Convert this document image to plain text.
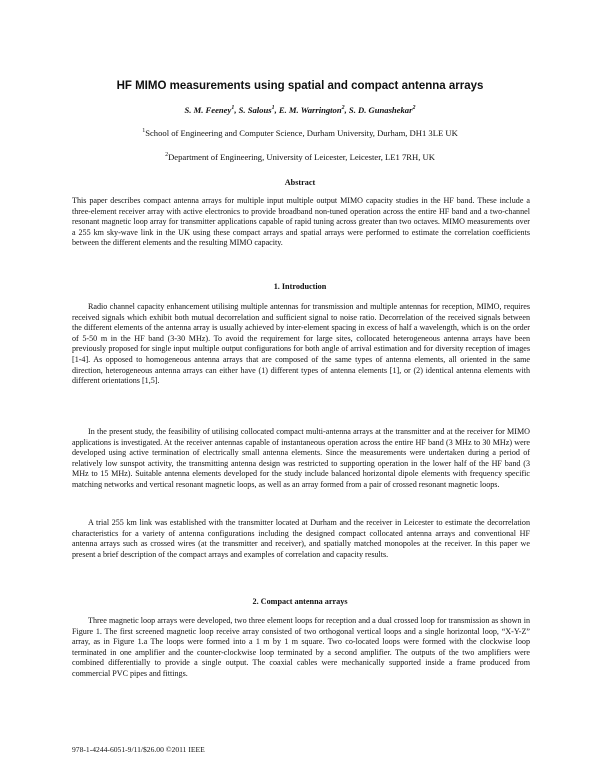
HF MIMO measurements using spatial and compact antenna arrays
S. M. Feeney$^1$, S. Salous$^1$, E. M. Warrington$^2$, S. D. Gunashekar$^2$
$^1$School of Engineering and Computer Science, Durham University, Durham, DH1 3LE UK
$^2$Department of Engineering, University of Leicester, Leicester, LE1 7RH, UK
Abstract

This paper describes compact antenna arrays for multiple input multiple output MIMO capacity studies in the HF band. These include a three-element receiver array with active electronics to provide broadband non-tuned operation across the entire HF band and a two-channel resonant magnetic loop array for transmitter applications capable of rapid tuning across greater than two octaves. MIMO measurements over a 255 km sky-wave link in the UK using these compact arrays and spatial arrays were performed to estimate the correlation coefficients between the different elements and the resulting MIMO capacity.

1. Introduction

Radio channel capacity enhancement utilising multiple antennas for transmission and multiple antennas for reception, MIMO, requires received signals which exhibit both mutual decorrelation and sufficient signal to noise ratio. Decorrelation of the received signals between the different elements of the antenna array is usually achieved by inter-element spacing in excess of half a wavelength, which is on the order of 5-50 m in the HF band (3-30 MHz). To avoid the requirement for large sites, collocated heterogeneous antenna arrays have been previously proposed for single input multiple output configurations for both angle of arrival estimation and for diversity reception of images [1-4]. As opposed to homogeneous antenna arrays that are composed of the same types of antenna elements, all oriented in the same direction, heterogeneous antenna arrays can either have (1) different types of antenna elements [1], or (2) identical antenna elements with different orientations [1,5].

In the present study, the feasibility of utilising collocated compact multi-antenna arrays at the transmitter and at the receiver for MIMO applications is investigated. At the receiver antennas capable of instantaneous operation across the entire HF band (3 MHz to 30 MHz) were developed using active termination of electrically small antenna elements. Since the measurements were undertaken during a period of relatively low sunspot activity, the transmitting antenna design was restricted to supporting operation in the lower half of the HF band (3 MHz to 15 MHz). Suitable antenna elements developed for the study include balanced horizontal dipole elements with frequency specific matching networks and vertical resonant magnetic loops, as well as an array formed from a pair of crossed resonant magnetic loops.

A trial 255 km link was established with the transmitter located at Durham and the receiver in Leicester to estimate the decorrelation characteristics for a variety of antenna configurations including the designed compact collocated antenna arrays and conventional HF antenna arrays such as crossed wires (at the transmitter and receiver), and spatially matched monopoles at the receiver. In this paper we present a brief description of the compact arrays and examples of correlation and capacity results.

2. Compact antenna arrays

Three magnetic loop arrays were developed, two three element loops for reception and a dual crossed loop for transmission as shown in Figure 1. The first screened magnetic loop receive array consisted of two orthogonal vertical loops and a single horizontal loop, “X-Y-Z” array, as in Figure 1.a The loops were formed into a 1 m by 1 m square. Two co-located loops were formed with the clockwise loop terminated in one amplifier and the counter-clockwise loop terminated by a second amplifier. The outputs of the two amplifiers were combined differentially to provide a single output. The coaxial cables were mechanically supported inside a frame produced from commercial PVC pipes and fittings.

978-1-4244-6051-9/11/$26.00 ©2011 IEEE
